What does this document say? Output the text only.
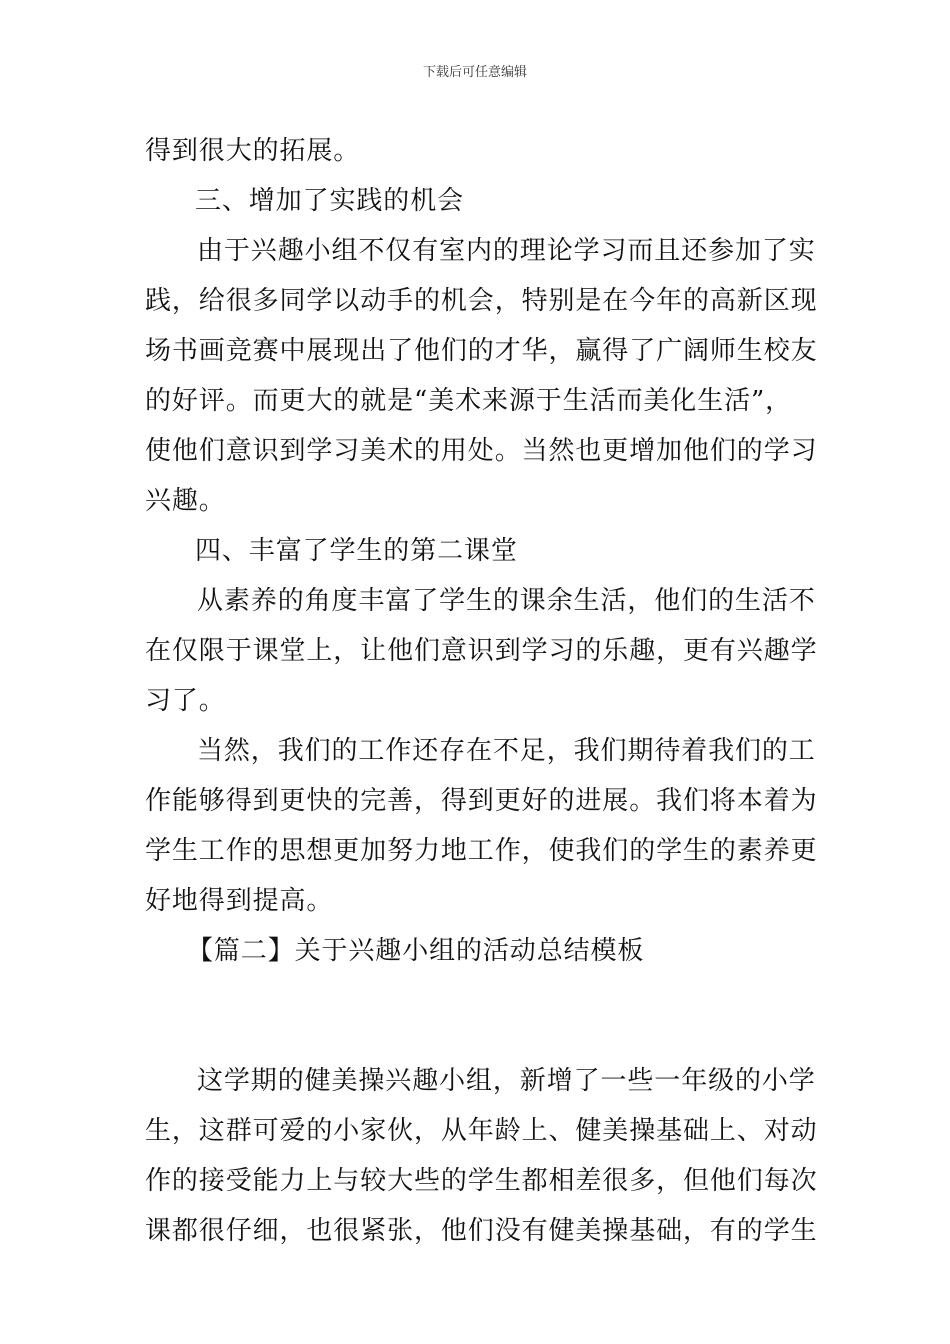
下载后可任意编辑
得到很大的拓展。
三、增加了实践的机会
由于兴趣小组不仅有室内的理论学习而且还参加了实
践，给很多同学以动手的机会，特别是在今年的高新区现
场书画竞赛中展现出了他们的才华，赢得了广阔师生校友
的好评。而更大的就是“美术来源于生活而美化生活”，
使他们意识到学习美术的用处。当然也更增加他们的学习
兴趣。
四、丰富了学生的第二课堂
从素养的角度丰富了学生的课余生活，他们的生活不
在仅限于课堂上，让他们意识到学习的乐趣，更有兴趣学
习了。
当然，我们的工作还存在不足，我们期待着我们的工
作能够得到更快的完善，得到更好的进展。我们将本着为
学生工作的思想更加努力地工作，使我们的学生的素养更
好地得到提高。
【篇二】关于兴趣小组的活动总结模板
这学期的健美操兴趣小组，新增了一些一年级的小学
生，这群可爱的小家伙，从年龄上、健美操基础上、对动
作的接受能力上与较大些的学生都相差很多，但他们每次
课都很仔细，也很紧张，他们没有健美操基础，有的学生
